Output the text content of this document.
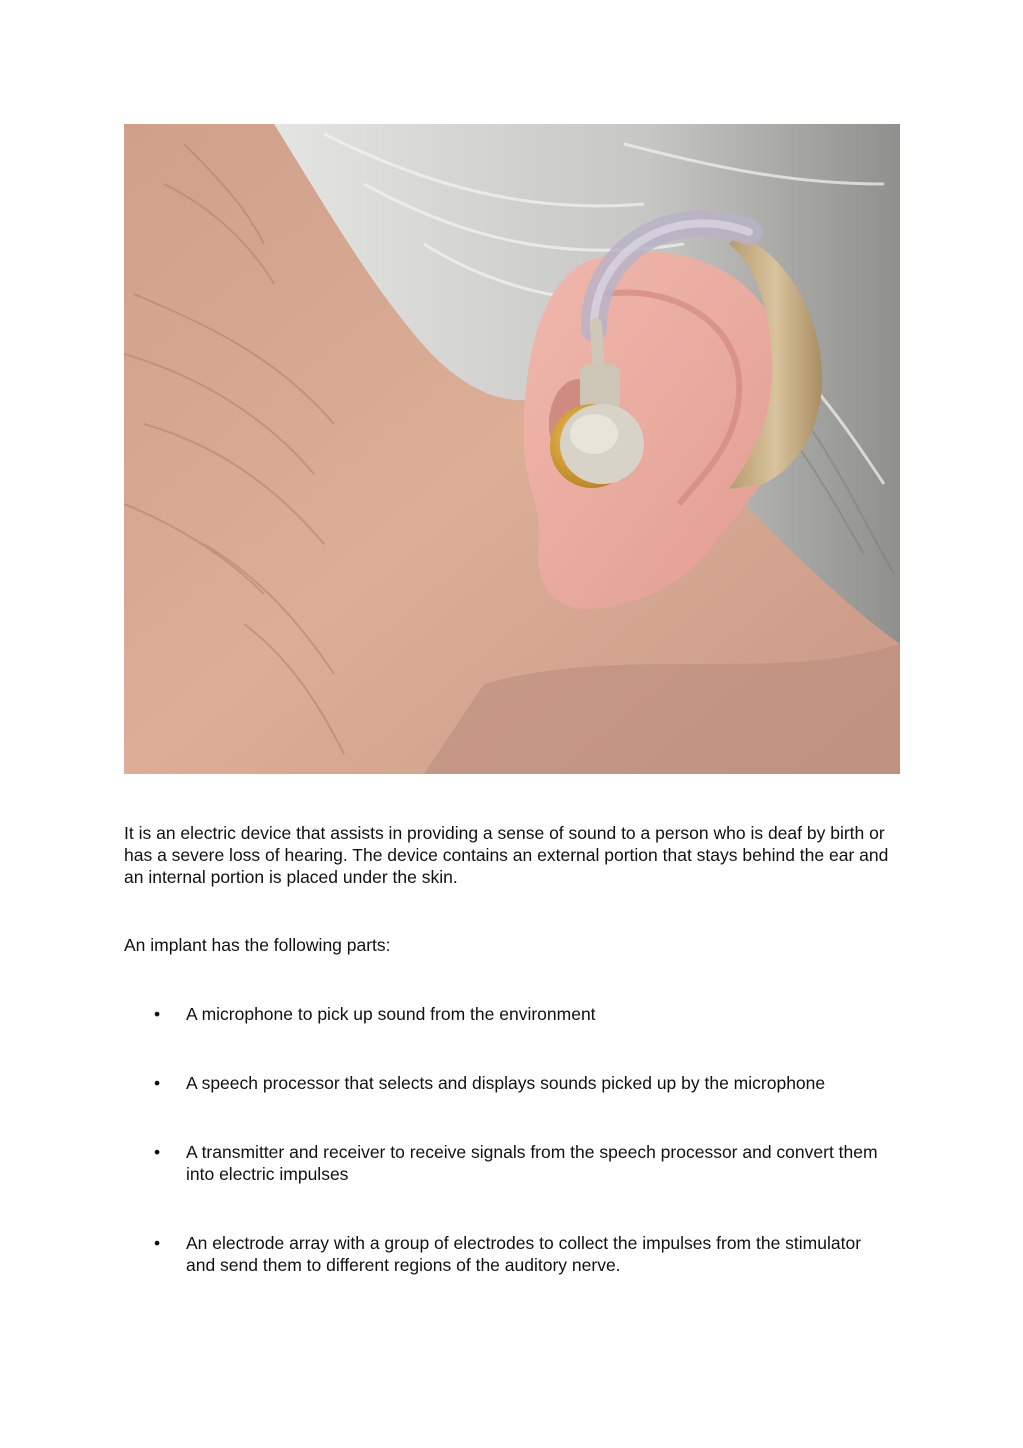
It is an electric device that assists in providing a sense of sound to a person who is deaf by birth or has a severe loss of hearing. The device contains an external portion that stays behind the ear and an internal portion is placed under the skin.
An implant has the following parts:
• A microphone to pick up sound from the environment
• A speech processor that selects and displays sounds picked up by the microphone
• A transmitter and receiver to receive signals from the speech processor and convert them into electric impulses
• An electrode array with a group of electrodes to collect the impulses from the stimulator and send them to different regions of the auditory nerve.
